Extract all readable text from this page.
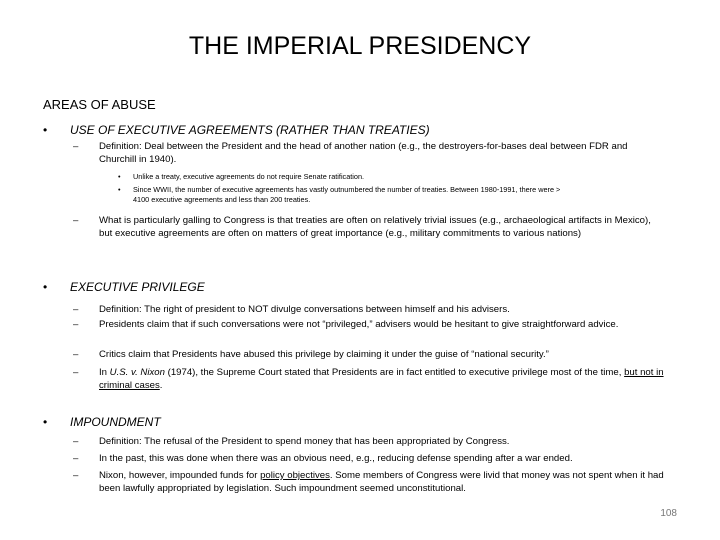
THE IMPERIAL PRESIDENCY
AREAS OF ABUSE
•	USE OF EXECUTIVE AGREEMENTS (RATHER THAN TREATIES)
– Definition: Deal between the President and the head of another nation (e.g., the destroyers-for-bases deal between FDR and Churchill in 1940).
• Unlike a treaty, executive agreements do not require Senate ratification.
• Since WWII, the number of executive agreements has vastly outnumbered the number of treaties. Between 1980-1991, there were > 4100 executive agreements and less than 200 treaties.
– What is particularly galling to Congress is that treaties are often on relatively trivial issues (e.g., archaeological artifacts in Mexico), but executive agreements are often on matters of great importance (e.g., military commitments to various nations)
•	EXECUTIVE PRIVILEGE
– Definition: The right of president to NOT divulge conversations between himself and his advisers.
– Presidents claim that if such conversations were not “privileged,” advisers would be hesitant to give straightforward advice.
– Critics claim that Presidents have abused this privilege by claiming it under the guise of “national security.”
– In U.S. v. Nixon (1974), the Supreme Court stated that Presidents are in fact entitled to executive privilege most of the time, but not in criminal cases.
•	IMPOUNDMENT
– Definition: The refusal of the President to spend money that has been appropriated by Congress.
– In the past, this was done when there was an obvious need, e.g., reducing defense spending after a war ended.
– Nixon, however, impounded funds for policy objectives. Some members of Congress were livid that money was not spent when it had been lawfully appropriated by legislation. Such impoundment seemed unconstitutional.
108
